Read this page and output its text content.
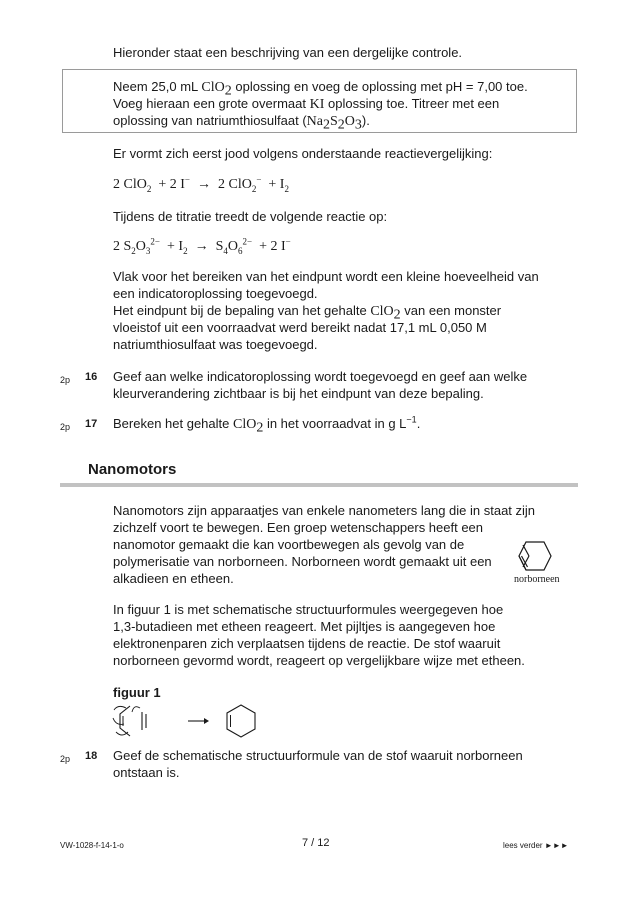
Hieronder staat een beschrijving van een dergelijke controle.

Neem 25,0 mL ClO$_2$ oplossing en voeg de oplossing met pH = 7,00 toe.

Voeg hieraan een grote overmaat KI oplossing toe. Titreer met een

oplossing van natriumthiosulfaat $(Na_2S_2O_3)$.

Er vormt zich eerst jood volgens onderstaande reactievergelijking:

2 ClO$_2$  + 2 I−  →  2 $ClO_2^- + I_2$

Tijdens de titratie treedt de volgende reactie op:

2 $S_2O_3^{2-} + I_2 \to S_4O_6^{2-} + 2$ I−

Vlak voor het bereiken van het eindpunt wordt een kleine hoeveelheid van

een indicatoroplossing toegevoegd.

Het eindpunt bij de bepaling van het gehalte ClO$_2$ van een monster

vloeistof uit een voorraadvat werd bereikt nadat 17,1 mL 0,050 M

natriumthiosulfaat was toegevoegd.

2p 16 Geef aan welke indicatoroplossing wordt toegevoegd en geef aan welke

kleurverandering zichtbaar is bij het eindpunt van deze bepaling.

2p 17 Bereken het gehalte ClO$_2$ in het voorraadvat in g $L^{-1}$.

Nanomotors

Nanomotors zijn apparaatjes van enkele nanometers lang die in staat zijn

zichzelf voort te bewegen. Een groep wetenschappers heeft een

nanomotor gemaakt die kan voortbewegen als gevolg van de

polymerisatie van norborneen. Norborneen wordt gemaakt uit een

alkadieen en etheen.	norborneen

In figuur 1 is met schematische structuurformules weergegeven hoe

1,3-butadieen met etheen reageert. Met pijltjes is aangegeven hoe

elektronenparen zich verplaatsen tijdens de reactie. De stof waaruit

norborneen gevormd wordt, reageert op vergelijkbare wijze met etheen.

figuur 1

2p 18 Geef de schematische structuurformule van de stof waaruit norborneen

ontstaan is.

VW-1028-f-14-1-o	7 / 12	lees verder ►►►
